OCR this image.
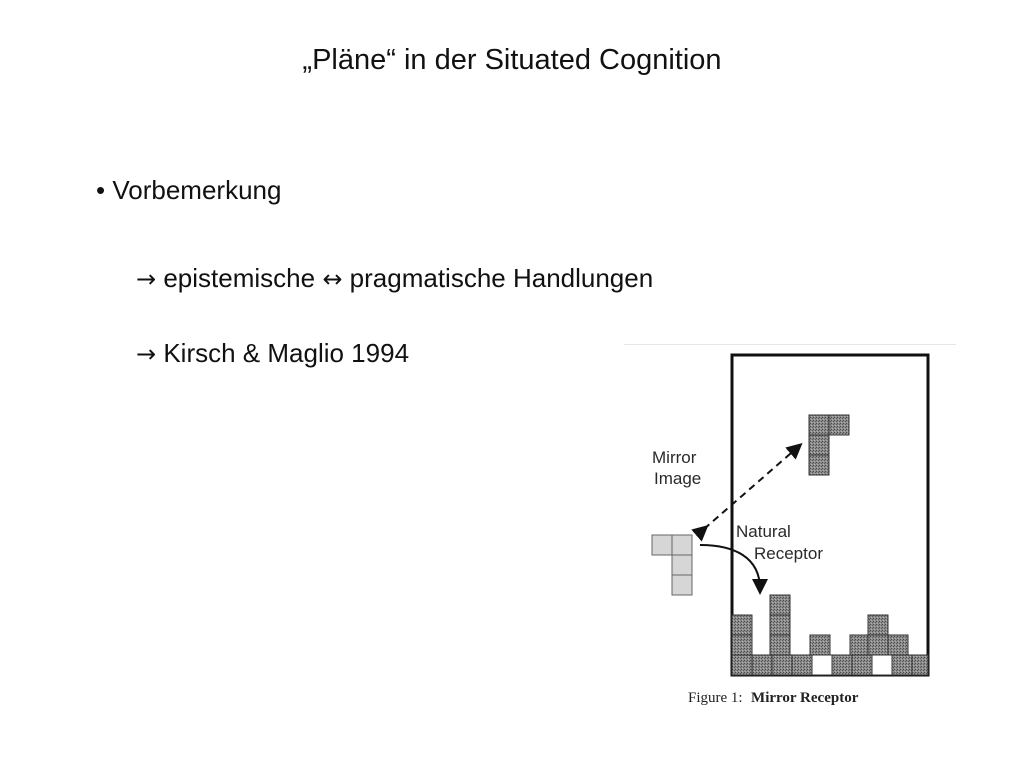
„Pläne“ in der Situated Cognition
• Vorbemerkung
→ epistemische ↔ pragmatische Handlungen
→ Kirsch & Maglio 1994
Mirror
Image
Natural
Receptor
Figure 1: Mirror Receptor
